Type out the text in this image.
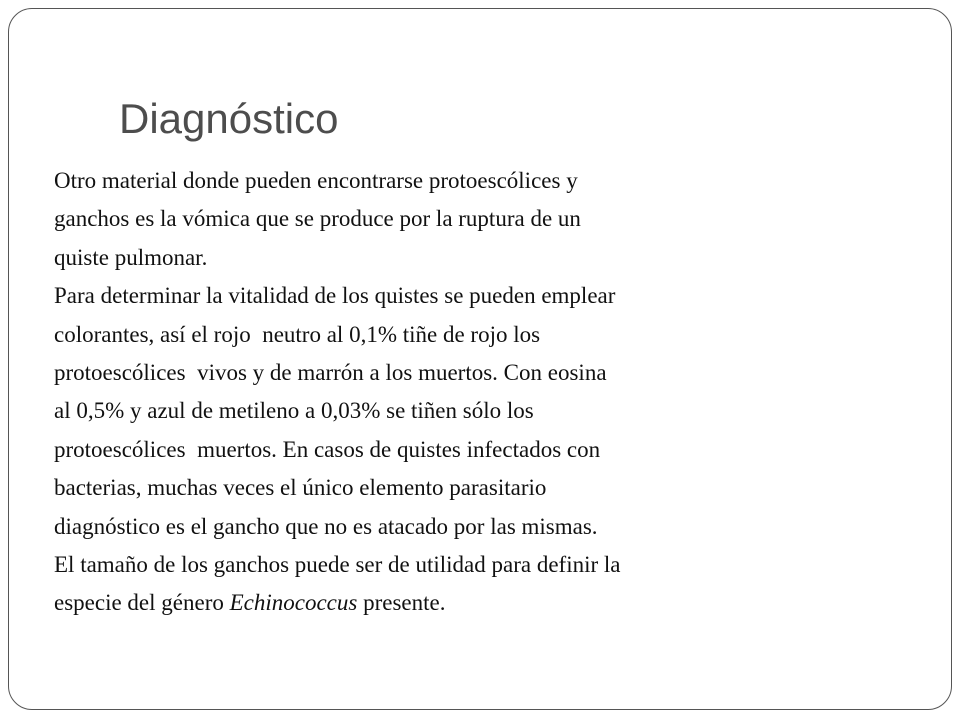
Diagnóstico
Otro material donde pueden encontrarse protoescólices y
ganchos es la vómica que se produce por la ruptura de un
quiste pulmonar.
Para determinar la vitalidad de los quistes se pueden emplear
colorantes, así el rojo  neutro al 0,1% tiñe de rojo los
protoescólices  vivos y de marrón a los muertos. Con eosina
al 0,5% y azul de metileno a 0,03% se tiñen sólo los
protoescólices  muertos. En casos de quistes infectados con
bacterias, muchas veces el único elemento parasitario
diagnóstico es el gancho que no es atacado por las mismas.
El tamaño de los ganchos puede ser de utilidad para definir la
especie del género Echinococcus presente.
